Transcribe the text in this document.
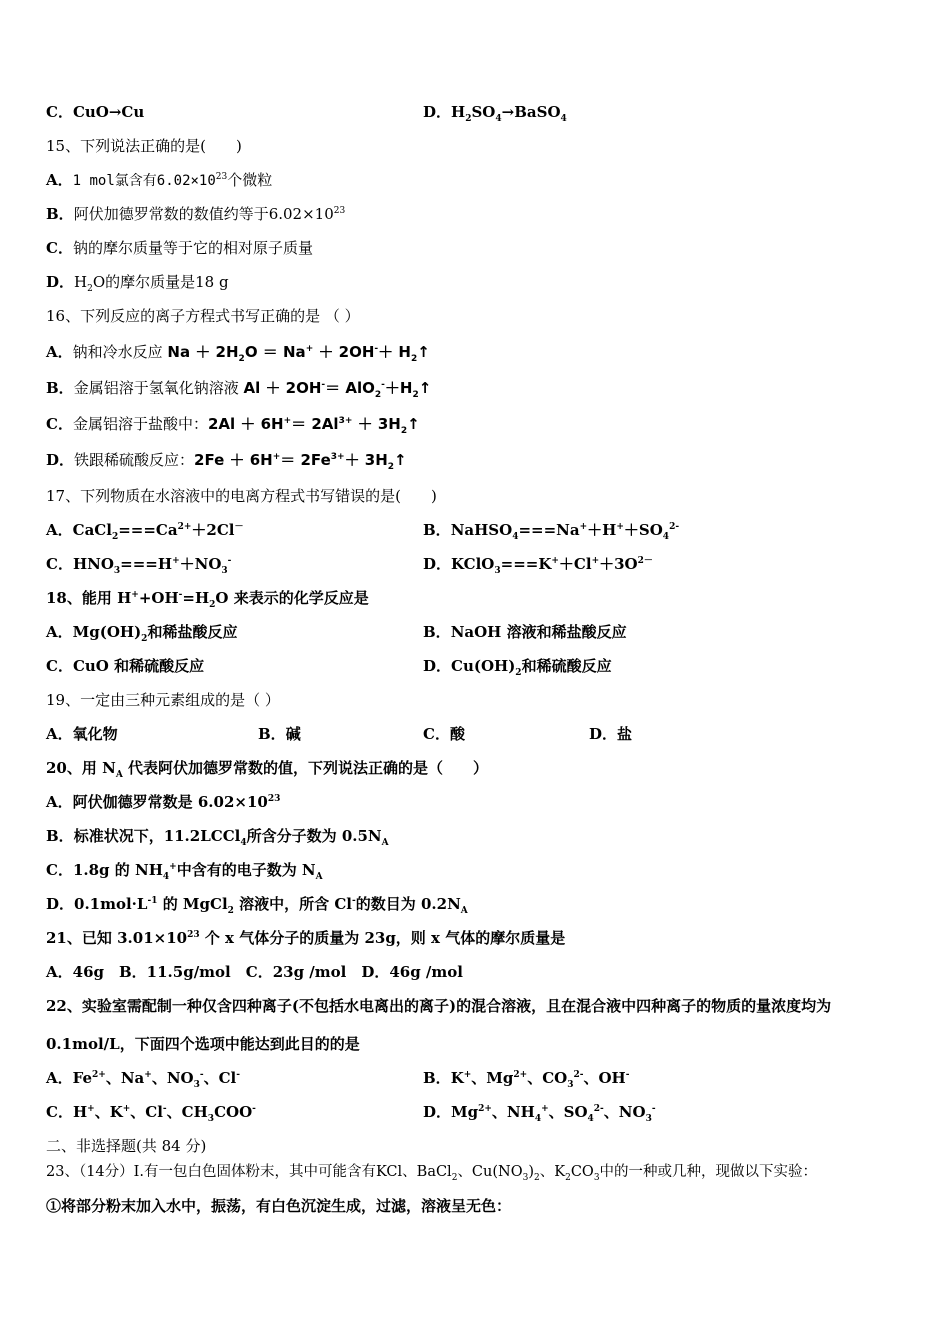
C．CuO→Cu	D．$H_2SO_4\to BaSO_4$
15、下列说法正确的是(　　)
A．1 mol氯含有$6.02\times 10^{23}$个微粒
B．阿伏加德罗常数的数值约等于$6.02\times 10^{23}$
C．钠的摩尔质量等于它的相对原子质量
D．$H_2O$的摩尔质量是18 g
16、下列反应的离子方程式书写正确的是 （ ）
A．钠和冷水反应 $Na + 2H_2O = Na^+ + 2OH^-+$ $H_2↑$
B．金属铝溶于氢氧化钠溶液 $Al + 2OH^-= AlO_2^-+H_2↑$
C．金属铝溶于盐酸中：$2Al + 6H^+= 2Al^{3+}$ ＋ $3H_2↑$
D．铁跟稀硫酸反应：$2Fe + 6H^+= 2Fe^{3+}+$ $3H_2↑$
17、下列物质在水溶液中的电离方程式书写错误的是(　　)
A．$CaCl_2===Ca^{2+}+2Cl^-$	B．$NaHSO_4===Na^++H^++SO_4^{2-}$
C．$HNO_3===H^++NO_3^-$	D．$KClO_3===K^++Cl^++3O^{2-}$
18、能用 $H^++OH^-=H_2O$ 来表示的化学反应是
A．$Mg(OH)_2$和稀盐酸反应	B．NaOH 溶液和稀盐酸反应
C．CuO 和稀硫酸反应	D．$Cu(OH)_2$和稀硫酸反应
19、一定由三种元素组成的是（ ）
A．氧化物	B．碱	C．酸	D．盐
20、用 $N_A$ 代表阿伏加德罗常数的值，下列说法正确的是（　　）
A．阿伏伽德罗常数是 $6.02\times 10^{23}$
B．标准状况下，11.2LCCl$_4$所含分子数为 $0.5N_A$
C．1.8g 的 $NH_4^+$中含有的电子数为 $N_A$
D．$0.1mol\cdot L^{-1}$ 的 MgCl$_2$ 溶液中，所含 Cl-的数目为 $0.2N_A$
21、已知 $3.01\times 10^{23}$ 个 x 气体分子的质量为 23g，则 x 气体的摩尔质量是
A．46g　B．11.5g/mol　C．23g /mol　D．46g /mol
22、实验室需配制一种仅含四种离子(不包括水电离出的离子)的混合溶液，且在混合液中四种离子的物质的量浓度均为
0.1mol/L，下面四个选项中能达到此目的的是
A．$Fe^{2+}$、Na+、$NO_3^-$、Cl-	B．K+、$Mg^{2+}$、$CO_3^{2-}$、OH-
C．H+、K+、Cl-、$CH_3COO^-$	D．$Mg^{2+}$、$NH_4^+$、$SO_4^{2-}$、$NO_3^-$
二、非选择题(共 84 分)
23、（14分）Ⅰ.有一包白色固体粉末，其中可能含有KCl、BaCl$_2$、$Cu(NO_3)_2$、$K_2CO_3$中的一种或几种，现做以下实验：
①将部分粉末加入水中，振荡，有白色沉淀生成，过滤，溶液呈无色：
